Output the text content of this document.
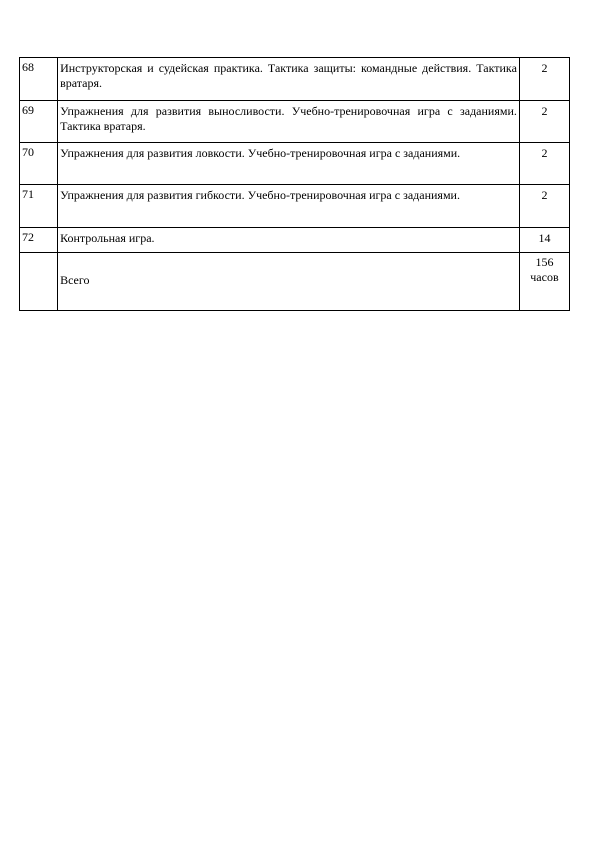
68	Инструкторская и судейская практика. Тактика защиты: командные действия. Тактика вратаря.	2
69	Упражнения для развития выносливости. Учебно-тренировочная игра с заданиями. Тактика вратаря.	2
70	Упражнения для развития ловкости. Учебно-тренировочная игра с заданиями.	2
71	Упражнения для развития гибкости. Учебно-тренировочная игра с заданиями.	2
72	Контрольная игра.	14
	Всего	156
часов
